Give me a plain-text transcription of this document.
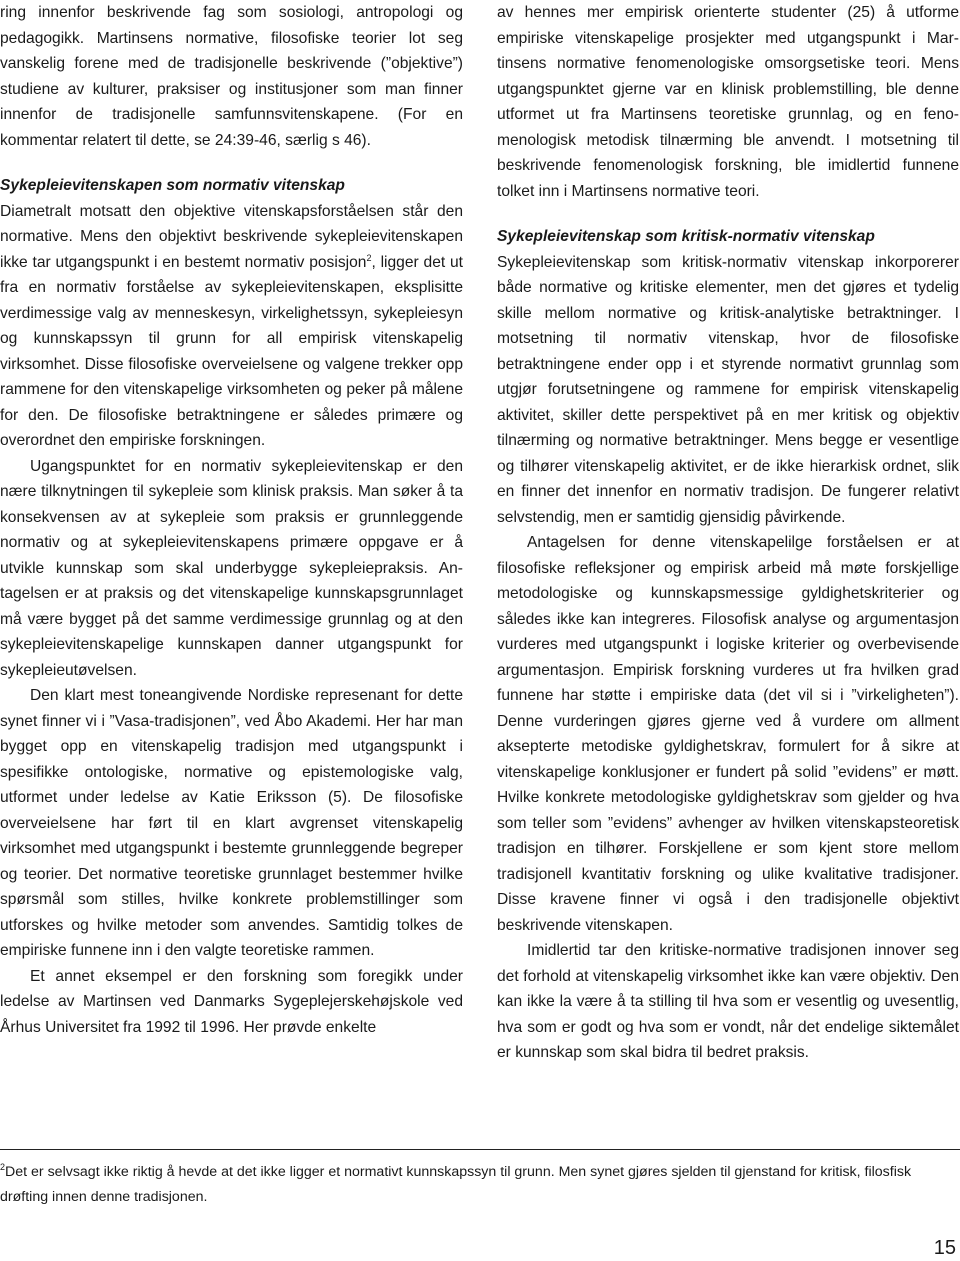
ring innenfor beskrivende fag som sosiologi, antropologi og pedagogikk. Martinsens normative, filosofiske teorier lot seg vanskelig forene med de tradisjonelle beskrivende (”objektive”) studiene av kulturer, praksiser og institusjoner som man finner innenfor de tradisjonelle samfunnsvitenskapene. (For en kommentar relatert til dette, se 24:39-46, særlig s 46).

Sykepleievitenskapen som normativ vitenskap

Diametralt motsatt den objektive vitenskapsforståelsen står den normative. Mens den objektivt beskrivende sykepleievitenskapen ikke tar utgangspunkt i en bestemt normativ posisjon$^2$, ligger det ut fra en normativ forståelse av sykepleievitenskapen, eksplisitte verdimessige valg av menneskesyn, virkelighetssyn, sykepleiesyn og kunnskapssyn til grunn for all empirisk vitenskapelig virksomhet. Disse filosofiske overveielsene og valgene trekker opp rammene for den vitenskapelige virksomheten og peker på målene for den. De filosofiske betraktningene er således primære og overordnet den empiriske forskningen.

Ugangspunktet for en normativ sykepleievitenskap er den nære tilknytningen til sykepleie som klinisk praksis. Man søker å ta konsekvensen av at sykepleie som praksis er grunnleggende normativ og at sykepleievitenskapens primære oppgave er å utvikle kunnskap som skal underbygge sykepleiepraksis. Antagelsen er at praksis og det vitenskapelige kunnskapsgrunnlaget må være bygget på det samme verdimessige grunnlag og at den sykepleievitenskapelige kunnskapen danner utgangspunkt for sykepleieutøvelsen.

Den klart mest toneangivende Nordiske represenant for dette synet finner vi i ”Vasa-tradisjonen”, ved Åbo Akademi. Her har man bygget opp en vitenskapelig tradisjon med utgangspunkt i spesifikke ontologiske, normative og epistemologiske valg, utformet under ledelse av Katie Eriksson (5). De filosofiske overveielsene har ført til en klart avgrenset vitenskapelig virksomhet med utgangspunkt i bestemte grunnleggende begreper og teorier. Det normative teoretiske grunnlaget bestemmer hvilke spørsmål som stilles, hvilke konkrete problemstillinger som utforskes og hvilke metoder som anvendes. Samtidig tolkes de empiriske funnene inn i den valgte teoretiske rammen.

Et annet eksempel er den forskning som foregikk under ledelse av Martinsen ved Danmarks Sygeplejerskehøjskole ved Århus Universitet fra 1992 til 1996. Her prøvde enkelte

av hennes mer empirisk orienterte studenter (25) å utforme empiriske vitenskapelige prosjekter med utgangspunkt i Martinsens normative fenomenologiske omsorgsetiske teori. Mens utgangspunktet gjerne var en klinisk problemstilling, ble denne utformet ut fra Martinsens teoretiske grunnlag, og en fenomenologisk metodisk tilnærming ble anvendt. I motsetning til beskrivende fenomenologisk forskning, ble imidlertid funnene tolket inn i Martinsens normative teori.

Sykepleievitenskap som kritisk-normativ vitenskap

Sykepleievitenskap som kritisk-normativ vitenskap inkorporerer både normative og kritiske elementer, men det gjøres et tydelig skille mellom normative og kritisk-analytiske betraktninger. I motsetning til normativ vitenskap, hvor de filosofiske betraktningene ender opp i et styrende normativt grunnlag som utgjør forutsetningene og rammene for empirisk vitenskapelig aktivitet, skiller dette perspektivet på en mer kritisk og objektiv tilnærming og normative betraktninger. Mens begge er vesentlige og tilhører vitenskapelig aktivitet, er de ikke hierarkisk ordnet, slik en finner det innenfor en normativ tradisjon. De fungerer relativt selvstendig, men er samtidig gjensidig påvirkende.

Antagelsen for denne vitenskapelilge forståelsen er at filosofiske refleksjoner og empirisk arbeid må møte forskjellige metodologiske og kunnskapsmessige gyldighetskriterier og således ikke kan integreres. Filosofisk analyse og argumentasjon vurderes med utgangspunkt i logiske kriterier og overbevisende argumentasjon. Empirisk forskning vurderes ut fra hvilken grad funnene har støtte i empiriske data (det vil si i ”virkeligheten”). Denne vurderingen gjøres gjerne ved å vurdere om allment aksepterte metodiske gyldighetskrav, formulert for å sikre at vitenskapelige konklusjoner er fundert på solid ”evidens” er møtt. Hvilke konkrete metodologiske gyldighetskrav som gjelder og hva som teller som ”evidens” avhenger av hvilken vitenskapsteoretisk tradisjon en tilhører. Forskjellene er som kjent store mellom tradisjonell kvantitativ forskning og ulike kvalitative tradisjoner. Disse kravene finner vi også i den tradisjonelle objektivt beskrivende vitenskapen.

Imidlertid tar den kritiske-normative tradisjonen innover seg det forhold at vitenskapelig virksomhet ikke kan være objektiv. Den kan ikke la være å ta stilling til hva som er vesentlig og uvesentlig, hva som er godt og hva som er vondt, når det endelige siktemålet er kunnskap som skal bidra til bedret praksis.

$^2$Det er selvsagt ikke riktig å hevde at det ikke ligger et normativt kunnskapssyn til grunn. Men synet gjøres sjelden til gjenstand for kritisk, filosfisk drøfting innen denne tradisjonen.
15
